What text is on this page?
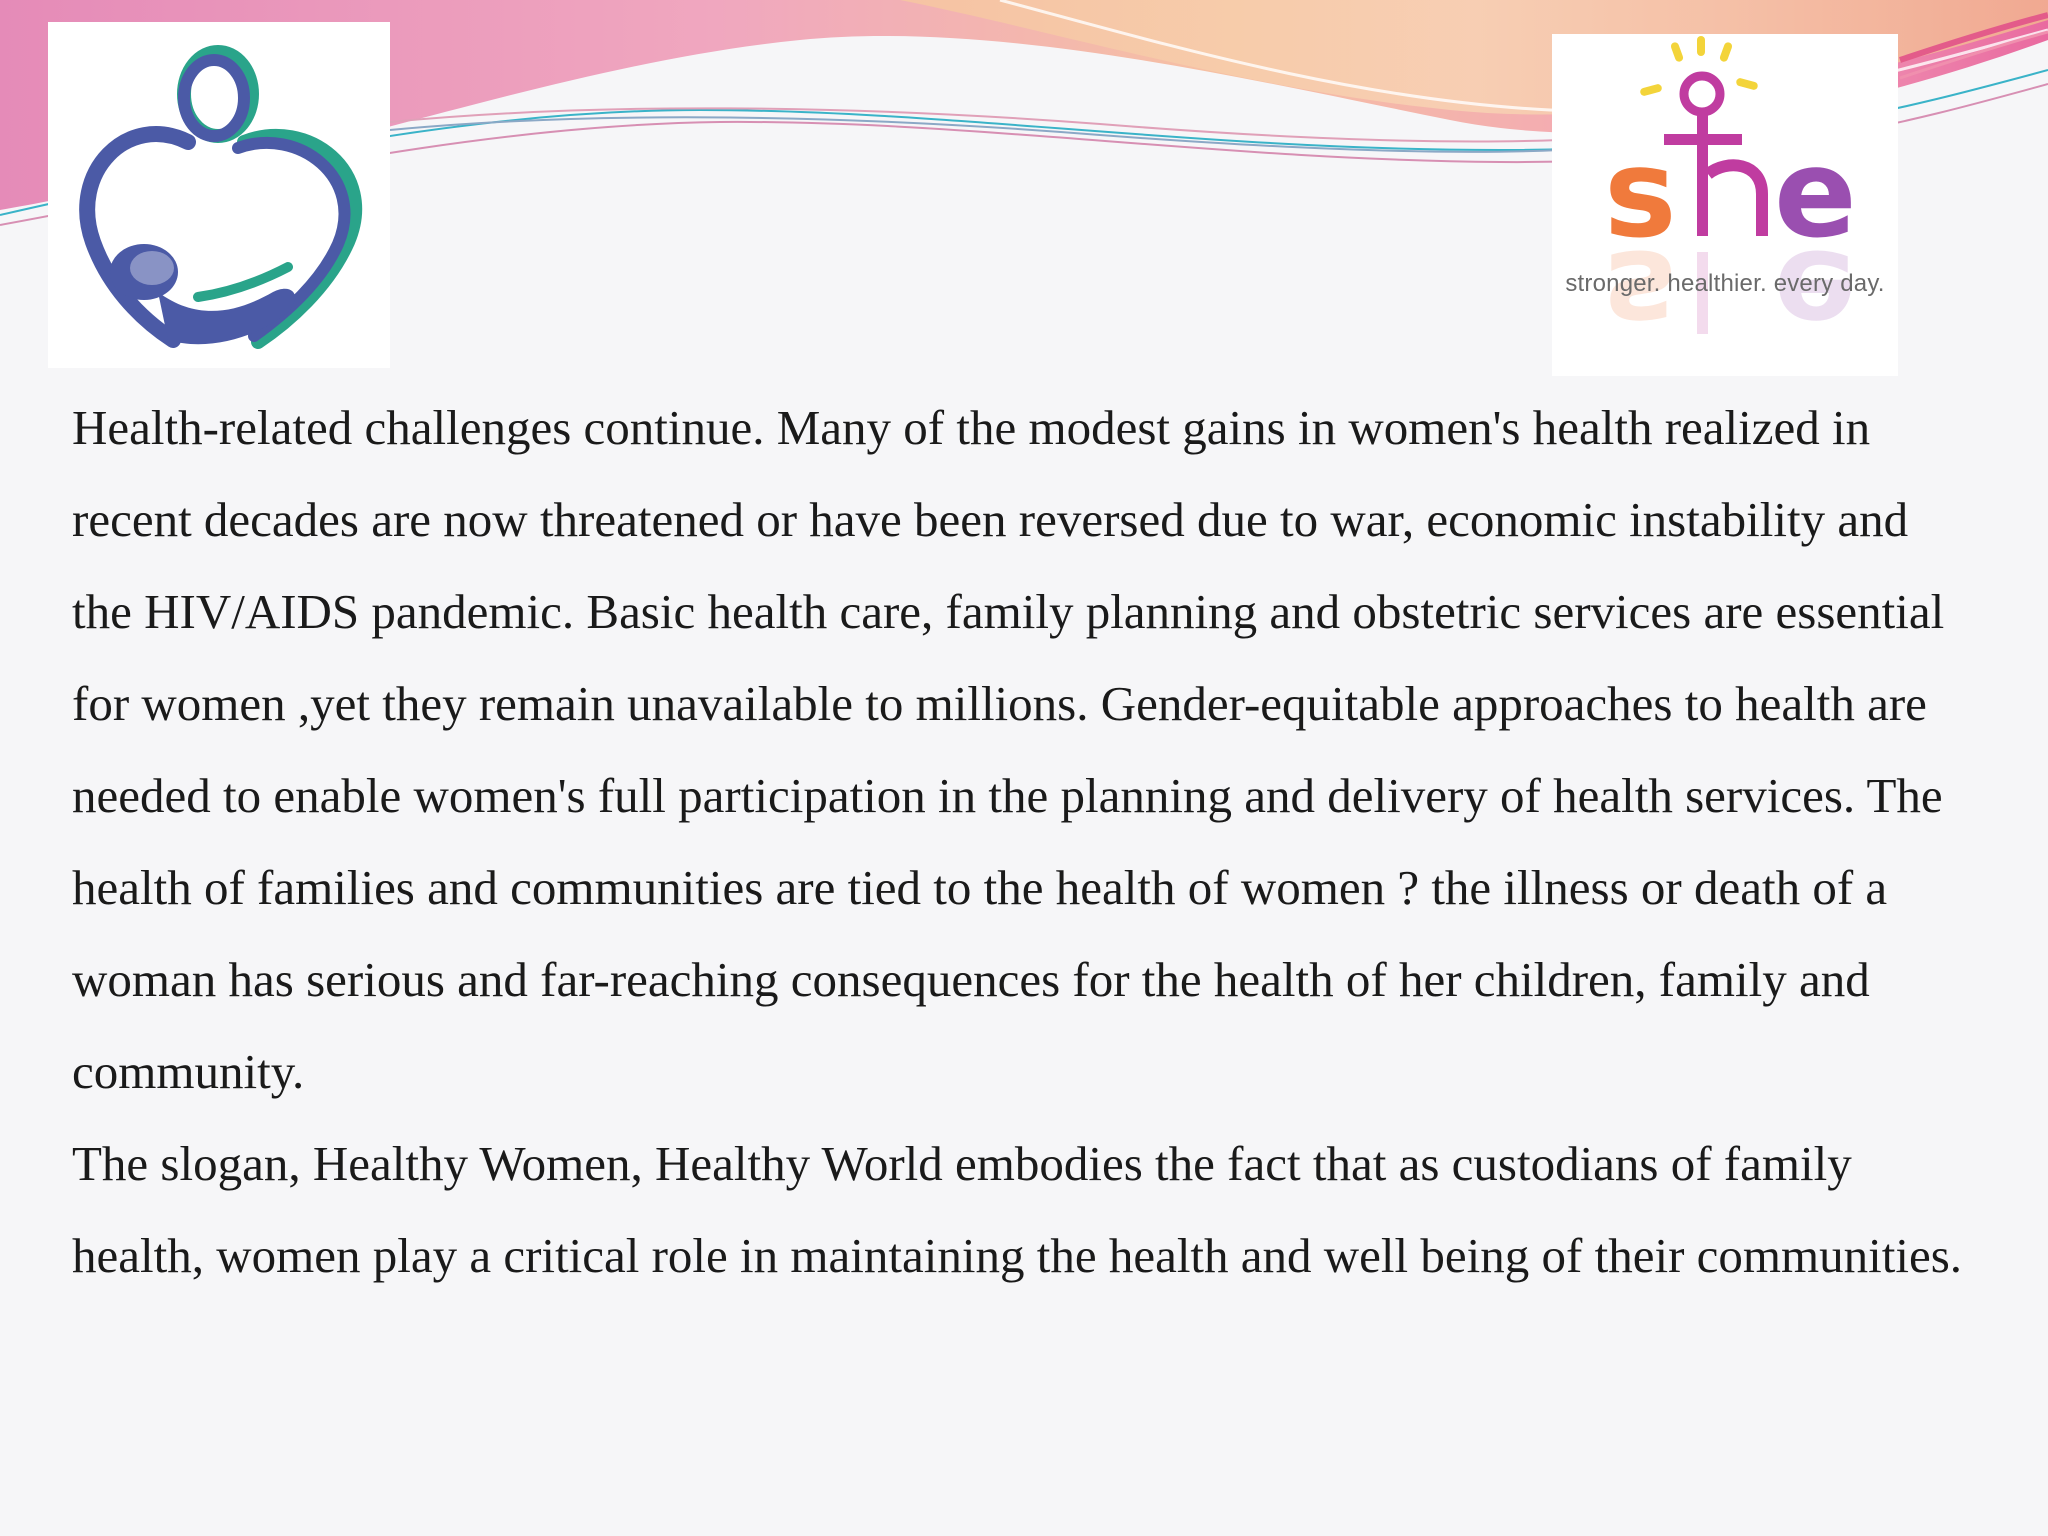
s e
s e
stronger. healthier. every day.

Health-related challenges continue. Many of the modest gains in women's health realized in recent decades are now threatened or have been reversed due to war, economic instability and the HIV/AIDS pandemic. Basic health care, family planning and obstetric services are essential for women ,yet they remain unavailable to millions. Gender-equitable approaches to health are needed to enable women's full participation in the planning and delivery of health services. The health of families and communities are tied to the health of women ? the illness or death of a woman has serious and far-reaching consequences for the health of her children, family and community.

The slogan, Healthy Women, Healthy World embodies the fact that as custodians of family health, women play a critical role in maintaining the health and well being of their communities.
